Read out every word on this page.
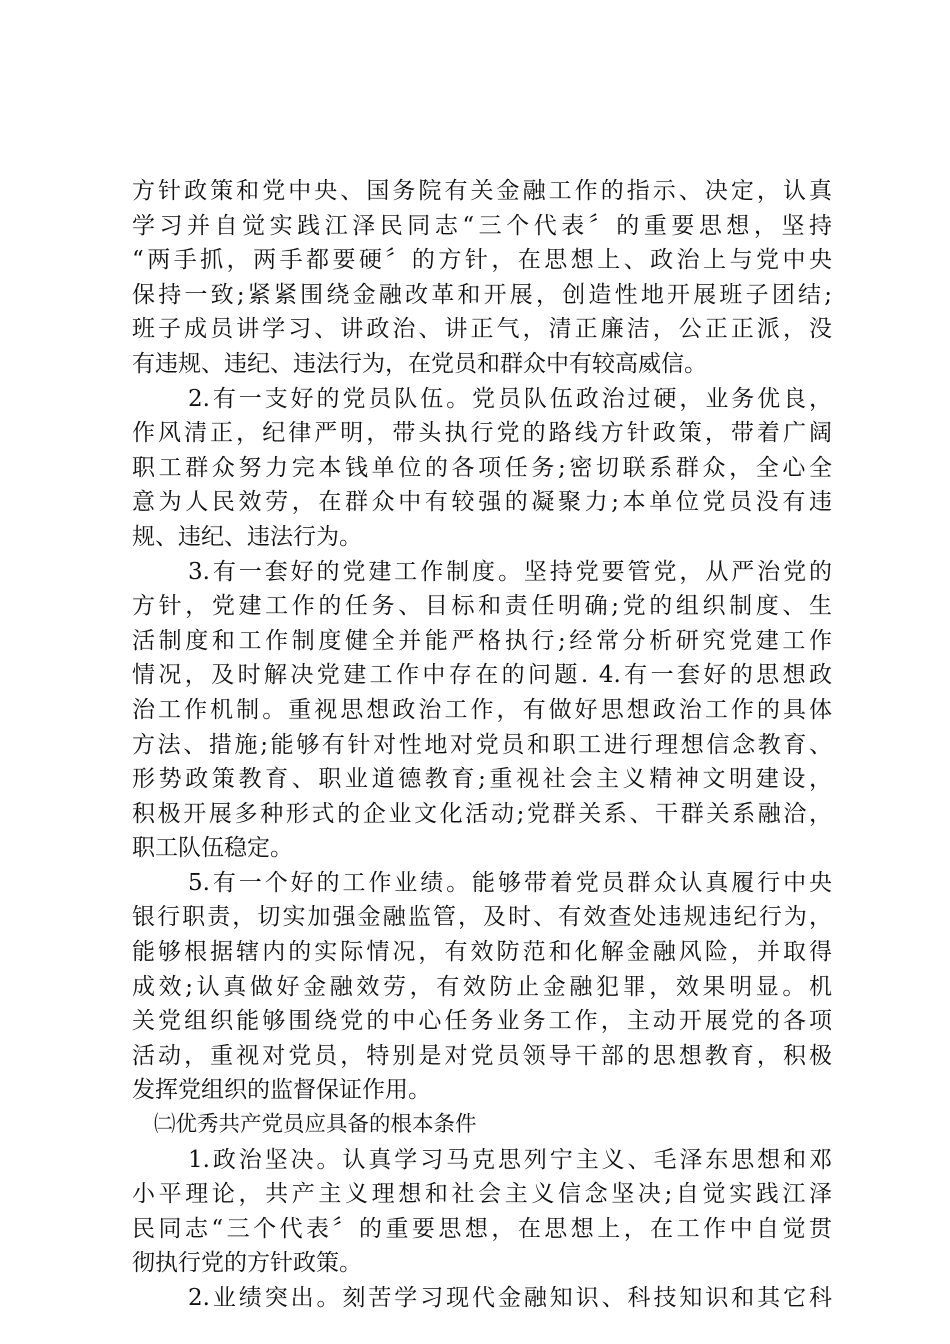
方针政策和党中央、国务院有关金融工作的指示、决定，认真
学习并自觉实践江泽民同志“三个代表〞的重要思想，坚持
“两手抓，两手都要硬〞的方针，在思想上、政治上与党中央
保持一致;紧紧围绕金融改革和开展，创造性地开展班子团结;
班子成员讲学习、讲政治、讲正气，清正廉洁，公正正派，没
有违规、违纪、违法行为，在党员和群众中有较高威信。
2.有一支好的党员队伍。党员队伍政治过硬，业务优良，
作风清正，纪律严明，带头执行党的路线方针政策，带着广阔
职工群众努力完本钱单位的各项任务;密切联系群众，全心全
意为人民效劳，在群众中有较强的凝聚力;本单位党员没有违
规、违纪、违法行为。
3.有一套好的党建工作制度。坚持党要管党，从严治党的
方针，党建工作的任务、目标和责任明确;党的组织制度、生
活制度和工作制度健全并能严格执行;经常分析研究党建工作
情况，及时解决党建工作中存在的问题. 4.有一套好的思想政
治工作机制。重视思想政治工作，有做好思想政治工作的具体
方法、措施;能够有针对性地对党员和职工进行理想信念教育、
形势政策教育、职业道德教育;重视社会主义精神文明建设，
积极开展多种形式的企业文化活动;党群关系、干群关系融洽，
职工队伍稳定。
5.有一个好的工作业绩。能够带着党员群众认真履行中央
银行职责，切实加强金融监管，及时、有效查处违规违纪行为，
能够根据辖内的实际情况，有效防范和化解金融风险，并取得
成效;认真做好金融效劳，有效防止金融犯罪，效果明显。机
关党组织能够围绕党的中心任务业务工作，主动开展党的各项
活动，重视对党员，特别是对党员领导干部的思想教育，积极
发挥党组织的监督保证作用。
㈡优秀共产党员应具备的根本条件
1.政治坚决。认真学习马克思列宁主义、毛泽东思想和邓
小平理论，共产主义理想和社会主义信念坚决;自觉实践江泽
民同志“三个代表〞的重要思想，在思想上，在工作中自觉贯
彻执行党的方针政策。
2.业绩突出。刻苦学习现代金融知识、科技知识和其它科
